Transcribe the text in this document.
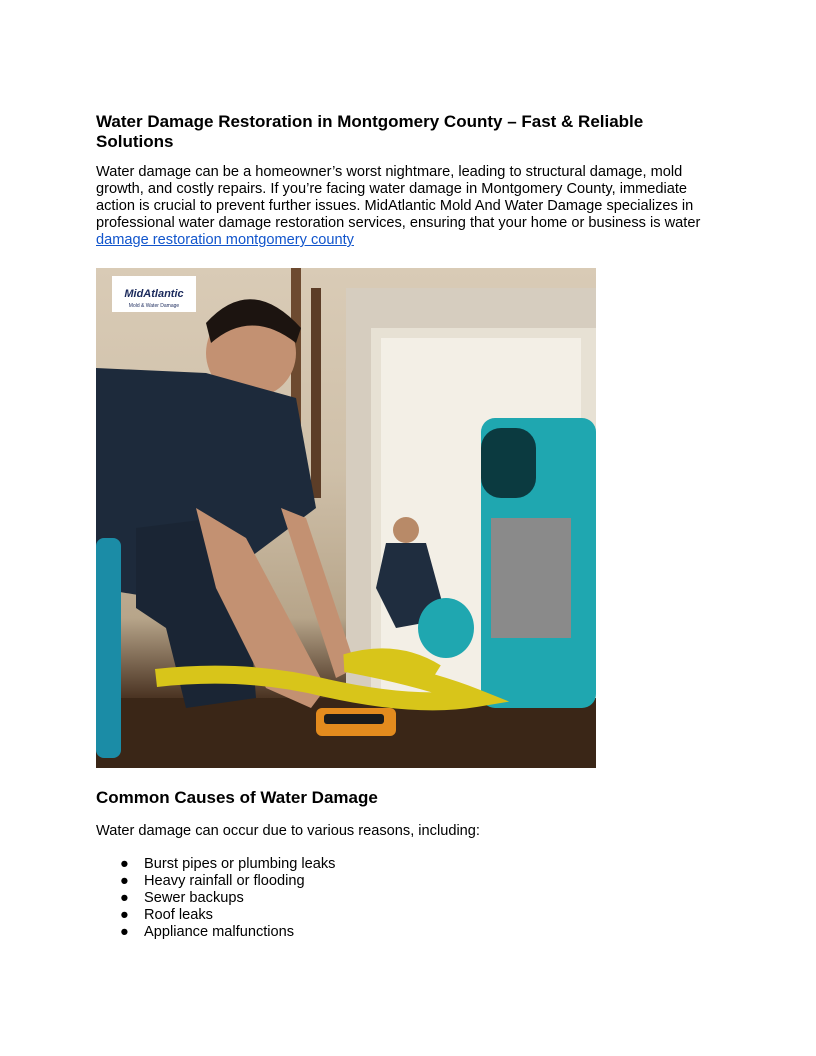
Water Damage Restoration in Montgomery County – Fast & Reliable Solutions

Water damage can be a homeowner’s worst nightmare, leading to structural damage, mold growth, and costly repairs. If you’re facing water damage in Montgomery County, immediate action is crucial to prevent further issues. MidAtlantic Mold And Water Damage specializes in professional water damage restoration services, ensuring that your home or business is water damage restoration montgomery county

MidAtlantic
Mold & Water Damage
Common Causes of Water Damage

Water damage can occur due to various reasons, including:

● Burst pipes or plumbing leaks
● Heavy rainfall or flooding
● Sewer backups
● Roof leaks
● Appliance malfunctions
